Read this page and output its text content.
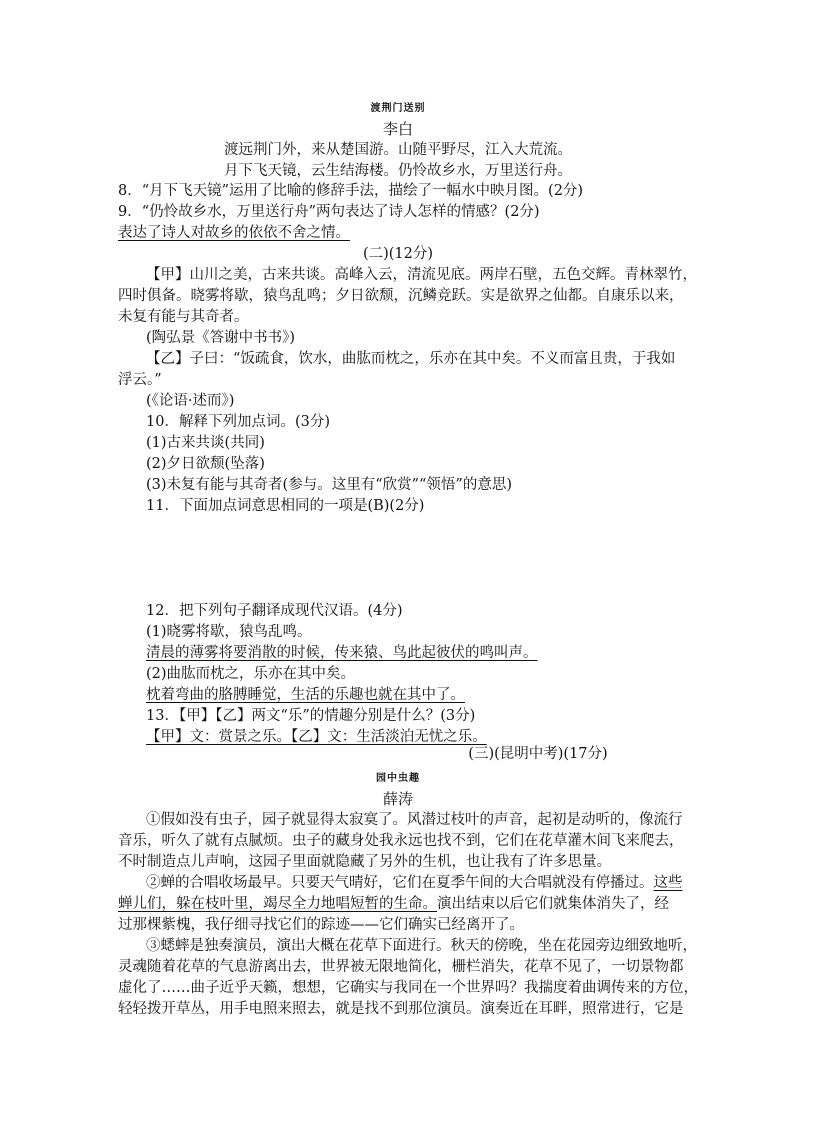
渡荆门送别
李白
渡远荆门外，来从楚国游。山随平野尽，江入大荒流。
月下飞天镜，云生结海楼。仍怜故乡水，万里送行舟。
8．“月下飞天镜”运用了比喻的修辞手法，描绘了一幅水中映月图。(2分)
9．“仍怜故乡水，万里送行舟”两句表达了诗人怎样的情感？(2分)
表达了诗人对故乡的依依不舍之情。
(二)(12分)
【甲】山川之美，古来共谈。高峰入云，清流见底。两岸石壁，五色交辉。青林翠竹，
四时俱备。晓雾将歇，猿鸟乱鸣；夕日欲颓，沉鳞竞跃。实是欲界之仙都。自康乐以来，
未复有能与其奇者。
(陶弘景《答谢中书书》)
【乙】子曰：“饭疏食，饮水，曲肱而枕之，乐亦在其中矣。不义而富且贵，于我如
浮云。”
(《论语·述而》)
10．解释下列加点词。(3分)
(1)古来共谈(共同)
(2)夕日欲颓(坠落)
(3)未复有能与其奇者(参与。这里有“欣赏”“领悟”的意思)
11．下面加点词意思相同的一项是(B)(2分)
12．把下列句子翻译成现代汉语。(4分)
(1)晓雾将歇，猿鸟乱鸣。
清晨的薄雾将要消散的时候，传来猿、鸟此起彼伏的鸣叫声。
(2)曲肱而枕之，乐亦在其中矣。
枕着弯曲的胳膊睡觉，生活的乐趣也就在其中了。
13．【甲】【乙】两文“乐”的情趣分别是什么？(3分)
【甲】文：赏景之乐。【乙】文：生活淡泊无忧之乐。
(三)(昆明中考)(17分)
园中虫趣
薛涛
①假如没有虫子，园子就显得太寂寞了。风潜过枝叶的声音，起初是动听的，像流行
音乐，听久了就有点腻烦。虫子的藏身处我永远也找不到，它们在花草灌木间飞来爬去，
不时制造点儿声响，这园子里面就隐藏了另外的生机，也让我有了许多思量。
②蝉的合唱收场最早。只要天气晴好，它们在夏季午间的大合唱就没有停播过。这些
蝉儿们，躲在枝叶里，竭尽全力地唱短暂的生命。演出结束以后它们就集体消失了，经
过那棵紫槐，我仔细寻找它们的踪迹——它们确实已经离开了。
③蟋蟀是独奏演员，演出大概在花草下面进行。秋天的傍晚，坐在花园旁边细致地听，
灵魂随着花草的气息游离出去，世界被无限地简化，栅栏消失，花草不见了，一切景物都
虚化了……曲子近乎天籁，想想，它确实与我同在一个世界吗？我揣度着曲调传来的方位，
轻轻拨开草丛，用手电照来照去，就是找不到那位演员。演奏近在耳畔，照常进行，它是
